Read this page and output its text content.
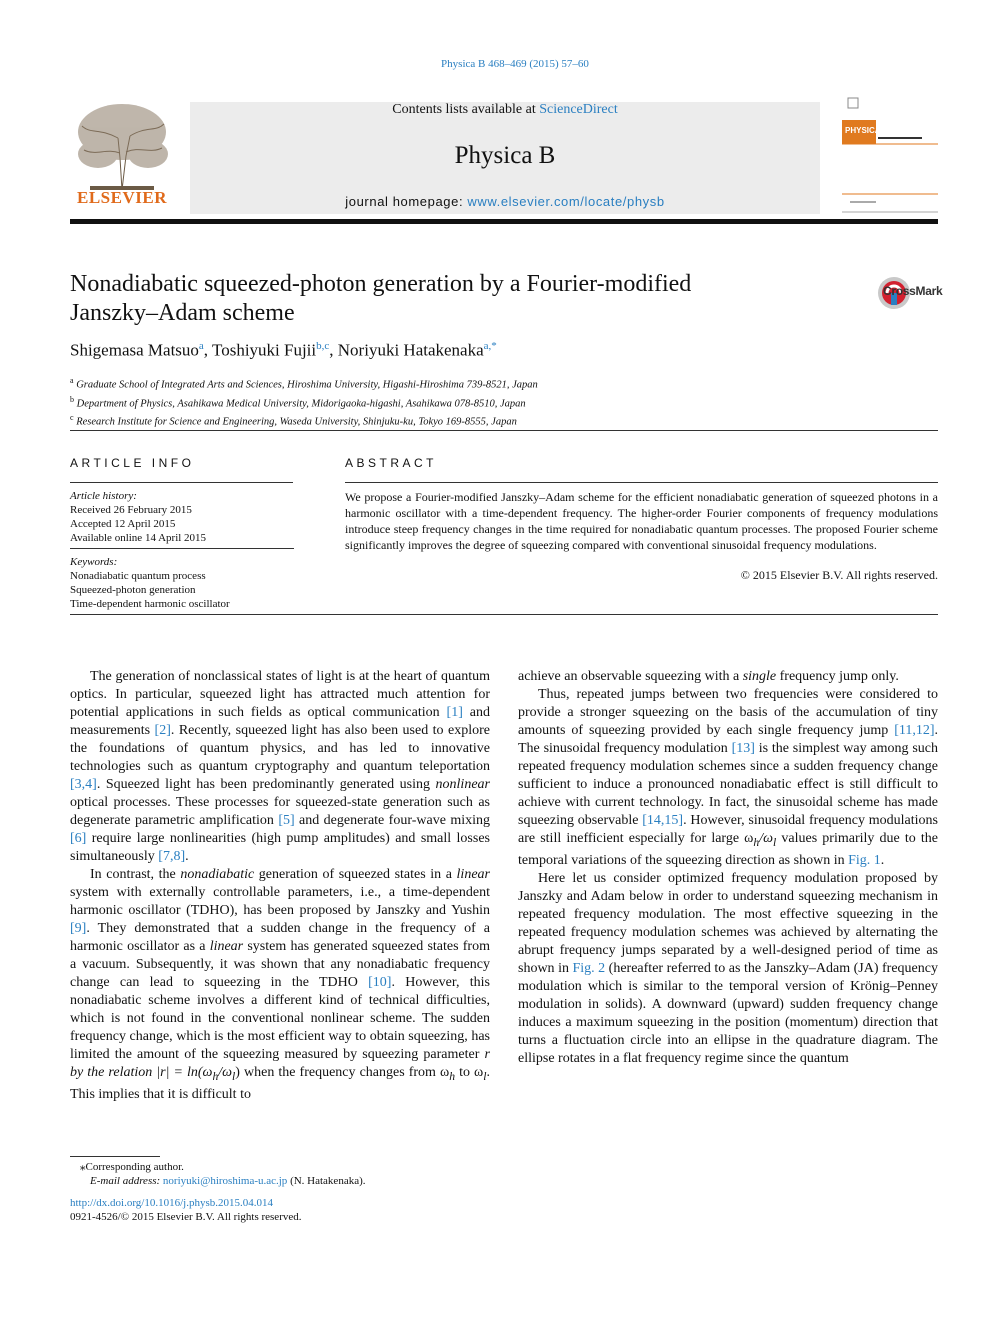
Physica B 468–469 (2015) 57–60
ELSEVIER
Contents lists available at ScienceDirect
Physica B
journal homepage: www.elsevier.com/locate/physb
PHYSICA
Nonadiabatic squeezed-photon generation by a Fourier-modified
Janszky–Adam scheme
CrossMark
Shigemasa Matsuo$^a$, Toshiyuki Fujii$^{b,c}$, Noriyuki Hatakenaka$^{a,*}$
$^a$ Graduate School of Integrated Arts and Sciences, Hiroshima University, Higashi-Hiroshima 739-8521, Japan
$^b$ Department of Physics, Asahikawa Medical University, Midorigaoka-higashi, Asahikawa 078-8510, Japan
$^c$ Research Institute for Science and Engineering, Waseda University, Shinjuku-ku, Tokyo 169-8555, Japan
ARTICLE INFO	ABSTRACT
Article history:
Received 26 February 2015
Accepted 12 April 2015
Available online 14 April 2015
Keywords:
Nonadiabatic quantum process
Squeezed-photon generation
Time-dependent harmonic oscillator
We propose a Fourier-modified Janszky–Adam scheme for the efficient nonadiabatic generation of squeezed photons in a harmonic oscillator with a time-dependent frequency. The higher-order Fourier components of frequency modulations introduce steep frequency changes in the time required for nonadiabatic quantum processes. The proposed Fourier scheme significantly improves the degree of squeezing compared with conventional sinusoidal frequency modulations.
© 2015 Elsevier B.V. All rights reserved.

The generation of nonclassical states of light is at the heart of quantum optics. In particular, squeezed light has attracted much attention for potential applications in such fields as optical communication [1] and measurements [2]. Recently, squeezed light has also been used to explore the foundations of quantum physics, and has led to innovative technologies such as quantum cryptography and quantum teleportation [3,4]. Squeezed light has been predominantly generated using nonlinear optical processes. These processes for squeezed-state generation such as degenerate parametric amplification [5] and degenerate four-wave mixing [6] require large nonlinearities (high pump amplitudes) and small losses simultaneously [7,8].

In contrast, the nonadiabatic generation of squeezed states in a linear system with externally controllable parameters, i.e., a time-dependent harmonic oscillator (TDHO), has been proposed by Janszky and Yushin [9]. They demonstrated that a sudden change in the frequency of a harmonic oscillator as a linear system has generated squeezed states from a vacuum. Subsequently, it was shown that any nonadiabatic frequency change can lead to squeezing in the TDHO [10]. However, this nonadiabatic scheme involves a different kind of technical difficulties, which is not found in the conventional nonlinear scheme. The sudden frequency change, which is the most efficient way to obtain squeezing, has limited the amount of the squeezing measured by squeezing parameter r by the relation $|r| = \ln(\omega_h/\omega_l)$ when the frequency changes from $\omega_h$ to $\omega_l$. This implies that it is difficult to

achieve an observable squeezing with a single frequency jump only.

Thus, repeated jumps between two frequencies were considered to provide a stronger squeezing on the basis of the accumulation of tiny amounts of squeezing provided by each single frequency jump [11,12]. The sinusoidal frequency modulation [13] is the simplest way among such repeated frequency modulation schemes since a sudden frequency change sufficient to induce a pronounced nonadiabatic effect is still difficult to achieve with current technology. In fact, the sinusoidal scheme has made squeezing observable [14,15]. However, sinusoidal frequency modulations are still inefficient especially for large $\omega_h/\omega_l$ values primarily due to the temporal variations of the squeezing direction as shown in Fig. 1.

Here let us consider optimized frequency modulation proposed by Janszky and Adam below in order to understand squeezing mechanism in repeated frequency modulation. The most effective squeezing in the repeated frequency modulation schemes was achieved by alternating the abrupt frequency jumps separated by a well-designed period of time as shown in Fig. 2 (hereafter referred to as the Janszky–Adam (JA) frequency modulation which is similar to the temporal version of Krönig–Penney modulation in solids). A downward (upward) sudden frequency change induces a maximum squeezing in the position (momentum) direction that turns a fluctuation circle into an ellipse in the quadrature diagram. The ellipse rotates in a flat frequency regime since the quantum

⁎Corresponding author.
E-mail address: noriyuki@hiroshima-u.ac.jp (N. Hatakenaka).
http://dx.doi.org/10.1016/j.physb.2015.04.014
0921-4526/© 2015 Elsevier B.V. All rights reserved.
